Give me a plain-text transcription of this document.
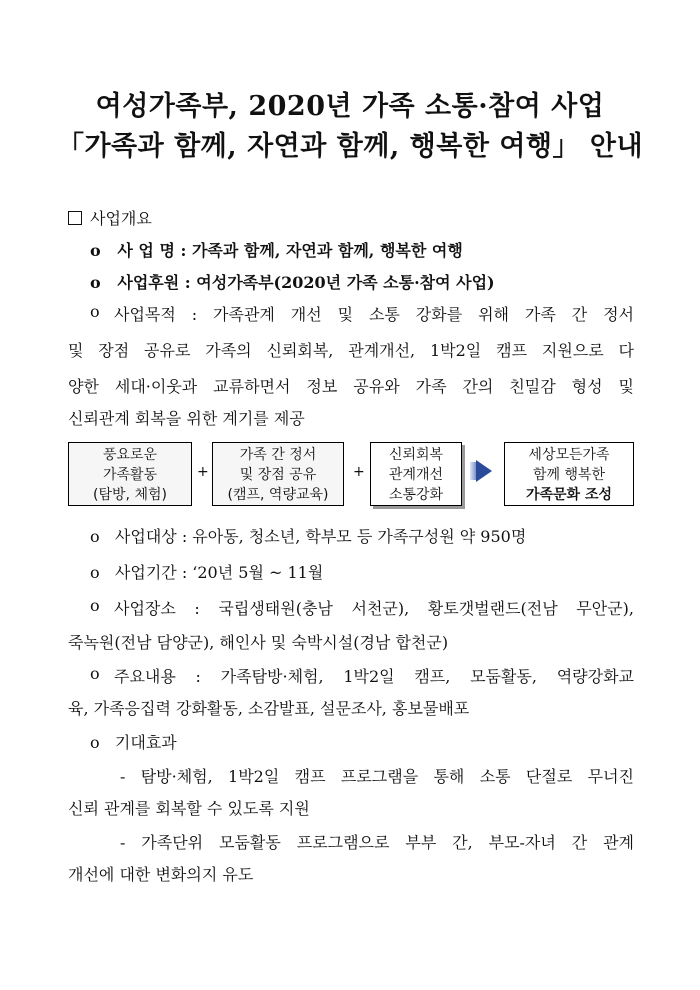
여성가족부, 2020년 가족 소통·참여 사업
「가족과 함께, 자연과 함께, 행복한 여행」 안내
사업개요
o 사 업 명 : 가족과 함께, 자연과 함께, 행복한 여행
o 사업후원 : 여성가족부(2020년 가족 소통·참여 사업)
o 사업목적 : 가족관계 개선 및 소통 강화를 위해 가족 간 정서
및 장점 공유로 가족의 신뢰회복, 관계개선, 1박2일 캠프 지원으로 다
양한 세대·이웃과 교류하면서 정보 공유와 가족 간의 친밀감 형성 및
신뢰관계 회복을 위한 계기를 제공
풍요로운
가족활동
(탐방, 체험)
+
가족 간 정서
및 장점 공유
(캠프, 역량교육)
+
신뢰회복
관계개선
소통강화
세상모든가족
함께 행복한
가족문화 조성
o 사업대상 : 유아동, 청소년, 학부모 등 가족구성원 약 950명
o 사업기간 : ‘20년 5월 ~ 11월
o 사업장소 : 국립생태원(충남 서천군), 황토갯벌랜드(전남 무안군),
죽녹원(전남 담양군), 해인사 및 숙박시설(경남 합천군)
o 주요내용 : 가족탐방·체험, 1박2일 캠프, 모둠활동, 역량강화교
육, 가족응집력 강화활동, 소감발표, 설문조사, 홍보물배포
o 기대효과
- 탐방·체험, 1박2일 캠프 프로그램을 통해 소통 단절로 무너진
신뢰 관계를 회복할 수 있도록 지원
- 가족단위 모둠활동 프로그램으로 부부 간, 부모-자녀 간 관계
개선에 대한 변화의지 유도
